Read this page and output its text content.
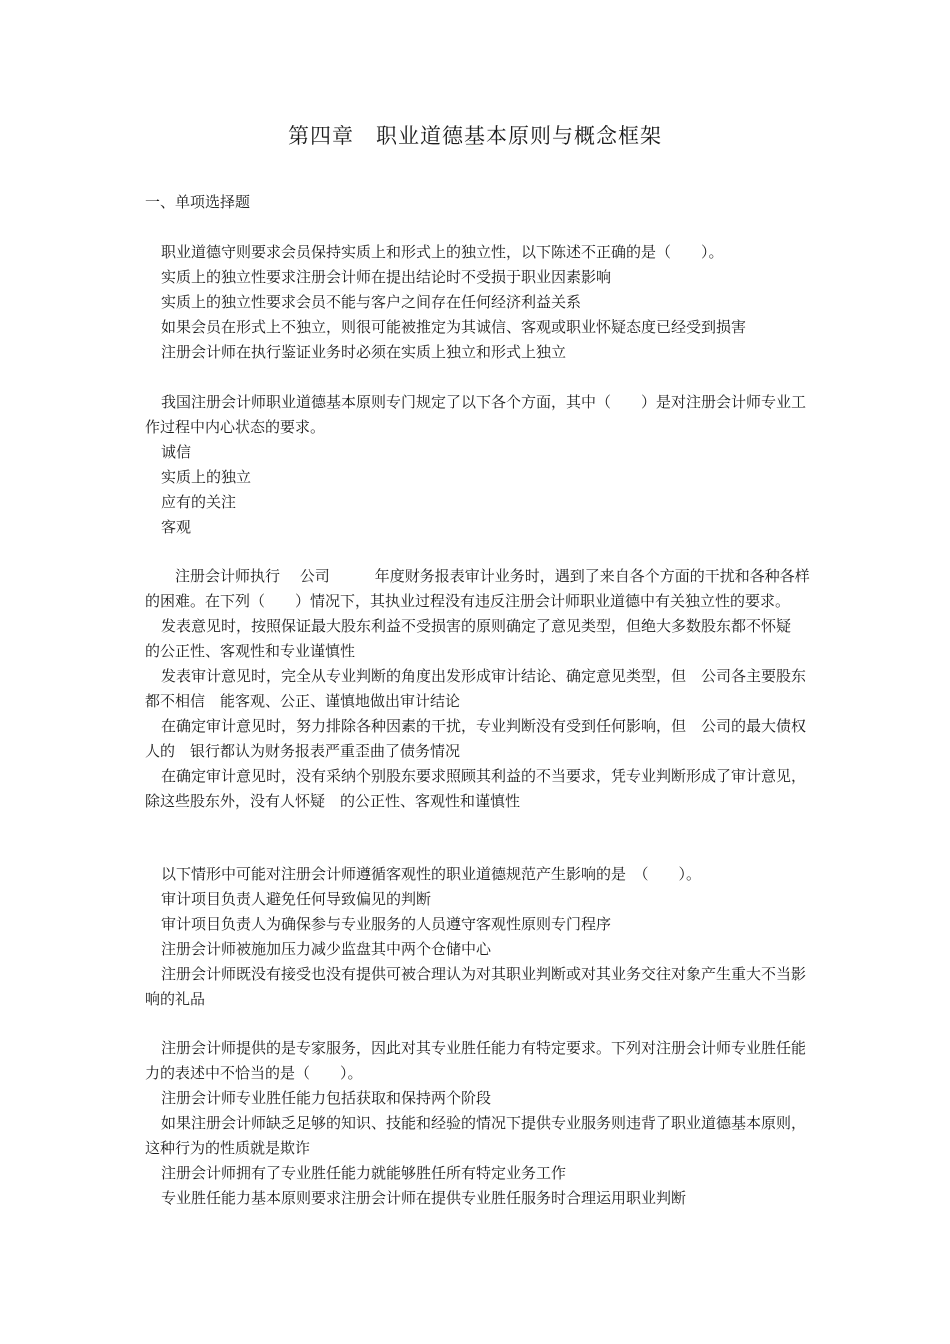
第四章　职业道德基本原则与概念框架
一、单项选择题

职业道德守则要求会员保持实质上和形式上的独立性，以下陈述不正确的是（　　）。

实质上的独立性要求注册会计师在提出结论时不受损于职业因素影响

实质上的独立性要求会员不能与客户之间存在任何经济利益关系

如果会员在形式上不独立，则很可能被推定为其诚信、客观或职业怀疑态度已经受到损害

注册会计师在执行鉴证业务时必须在实质上独立和形式上独立

我国注册会计师职业道德基本原则专门规定了以下各个方面，其中（　　）是对注册会计师专业工作过程中内心状态的要求。

诚信

实质上的独立

应有的关注

客观

注册会计师执行　 公司　　　年度财务报表审计业务时，遇到了来自各个方面的干扰和各种各样的困难。在下列（　　）情况下，其执业过程没有违反注册会计师职业道德中有关独立性的要求。

发表意见时，按照保证最大股东利益不受损害的原则确定了意见类型，但绝大多数股东都不怀疑　的公正性、客观性和专业谨慎性

发表审计意见时，完全从专业判断的角度出发形成审计结论、确定意见类型，但　公司各主要股东都不相信　能客观、公正、谨慎地做出审计结论

在确定审计意见时，努力排除各种因素的干扰，专业判断没有受到任何影响，但　公司的最大债权人的　银行都认为财务报表严重歪曲了债务情况

在确定审计意见时，没有采纳个别股东要求照顾其利益的不当要求，凭专业判断形成了审计意见，除这些股东外，没有人怀疑　的公正性、客观性和谨慎性

以下情形中可能对注册会计师遵循客观性的职业道德规范产生影响的是　（　　）。

审计项目负责人避免任何导致偏见的判断

审计项目负责人为确保参与专业服务的人员遵守客观性原则专门程序

注册会计师被施加压力减少监盘其中两个仓储中心

注册会计师既没有接受也没有提供可被合理认为对其职业判断或对其业务交往对象产生重大不当影响的礼品

注册会计师提供的是专家服务，因此对其专业胜任能力有特定要求。下列对注册会计师专业胜任能力的表述中不恰当的是（　　）。

注册会计师专业胜任能力包括获取和保持两个阶段

如果注册会计师缺乏足够的知识、技能和经验的情况下提供专业服务则违背了职业道德基本原则，这种行为的性质就是欺诈

注册会计师拥有了专业胜任能力就能够胜任所有特定业务工作

专业胜任能力基本原则要求注册会计师在提供专业胜任服务时合理运用职业判断
